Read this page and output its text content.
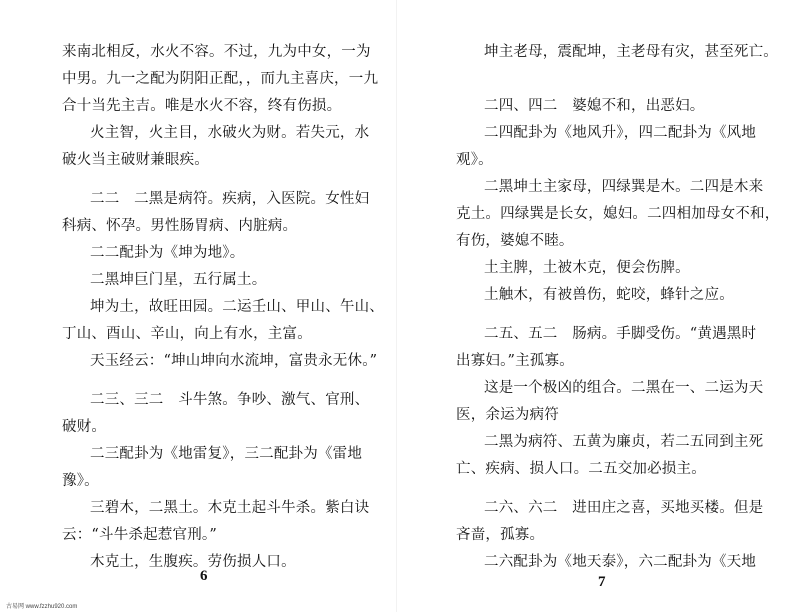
来南北相反，水火不容。不过，九为中女，一为
中男。九一之配为阴阳正配，，而九主喜庆，一九
合十当先主吉。唯是水火不容，终有伤损。
火主智，火主目，水破火为财。若失元，水
破火当主破财兼眼疾。
二二　二黑是病符。疾病，入医院。女性妇
科病、怀孕。男性肠胃病、内脏病。
二二配卦为《坤为地》。
二黑坤巨门星，五行属土。
坤为土，故旺田园。二运壬山、甲山、午山、
丁山、酉山、辛山，向上有水，主富。
天玉经云：“坤山坤向水流坤，富贵永无休。”
二三、三二　斗牛煞。争吵、激气、官刑、
破财。
二三配卦为《地雷复》，三二配卦为《雷地
豫》。
三碧木，二黑土。木克土起斗牛杀。紫白诀
云：“斗牛杀起惹官刑。”
木克土，生腹疾。劳伤损人口。
6
坤主老母，震配坤，主老母有灾，甚至死亡。
二四、四二　婆媳不和，出恶妇。
二四配卦为《地风升》，四二配卦为《风地
观》。
二黑坤土主家母，四绿巽是木。二四是木来
克土。四绿巽是长女，媳妇。二四相加母女不和，
有伤，婆媳不睦。
土主脾，土被木克，便会伤脾。
土触木，有被兽伤，蛇咬，蜂针之应。
二五、五二　肠病。手脚受伤。“黄遇黑时
出寡妇。”主孤寡。
这是一个极凶的组合。二黑在一、二运为天
医，余运为病符
二黑为病符、五黄为廉贞，若二五同到主死
亡、疾病、损人口。二五交加必损主。
二六、六二　进田庄之喜，买地买楼。但是
吝啬，孤寡。
二六配卦为《地天泰》，六二配卦为《天地
7
古易网 www.fzzhu920.com
